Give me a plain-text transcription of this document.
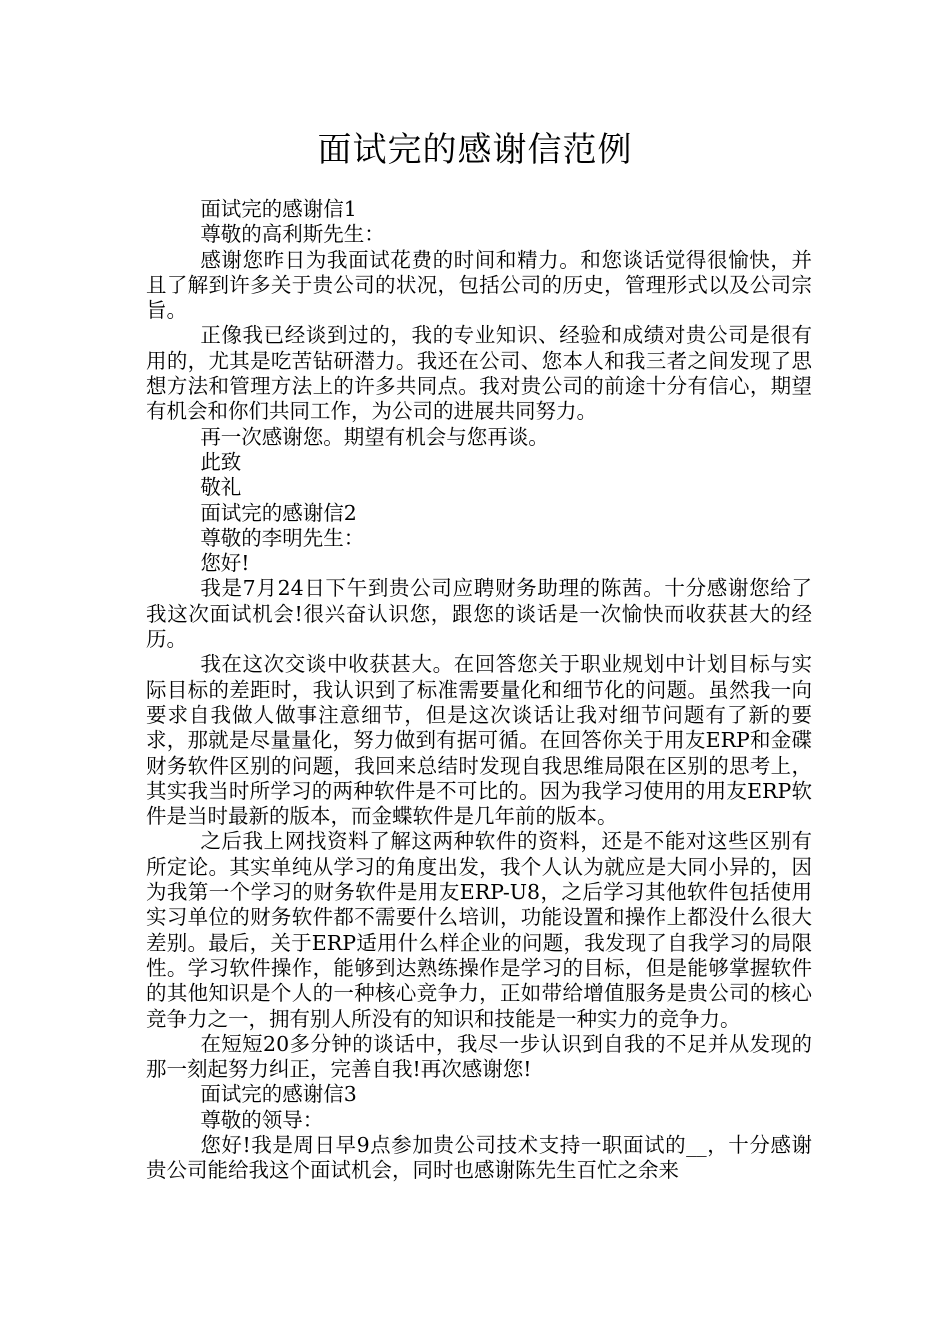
面试完的感谢信范例

面试完的感谢信1

尊敬的高利斯先生：

感谢您昨日为我面试花费的时间和精力。和您谈话觉得很愉快，并且了解到许多关于贵公司的状况，包括公司的历史，管理形式以及公司宗旨。

正像我已经谈到过的，我的专业知识、经验和成绩对贵公司是很有用的，尤其是吃苦钻研潜力。我还在公司、您本人和我三者之间发现了思想方法和管理方法上的许多共同点。我对贵公司的前途十分有信心，期望有机会和你们共同工作，为公司的进展共同努力。

再一次感谢您。期望有机会与您再谈。

此致

敬礼

面试完的感谢信2

尊敬的李明先生：

您好!

我是7月24日下午到贵公司应聘财务助理的陈茜。十分感谢您给了我这次面试机会!很兴奋认识您，跟您的谈话是一次愉快而收获甚大的经历。

我在这次交谈中收获甚大。在回答您关于职业规划中计划目标与实际目标的差距时，我认识到了标准需要量化和细节化的问题。虽然我一向要求自我做人做事注意细节，但是这次谈话让我对细节问题有了新的要求，那就是尽量量化，努力做到有据可循。在回答你关于用友ERP和金碟财务软件区别的问题，我回来总结时发现自我思维局限在区别的思考上，其实我当时所学习的两种软件是不可比的。因为我学习使用的用友ERP软件是当时最新的版本，而金蝶软件是几年前的版本。

之后我上网找资料了解这两种软件的资料，还是不能对这些区别有所定论。其实单纯从学习的角度出发，我个人认为就应是大同小异的，因为我第一个学习的财务软件是用友ERP-U8，之后学习其他软件包括使用实习单位的财务软件都不需要什么培训，功能设置和操作上都没什么很大差别。最后，关于ERP适用什么样企业的问题，我发现了自我学习的局限性。学习软件操作，能够到达熟练操作是学习的目标，但是能够掌握软件的其他知识是个人的一种核心竞争力，正如带给增值服务是贵公司的核心竞争力之一，拥有别人所没有的知识和技能是一种实力的竞争力。

在短短20多分钟的谈话中，我尽一步认识到自我的不足并从发现的那一刻起努力纠正，完善自我!再次感谢您!

面试完的感谢信3

尊敬的领导：

您好!我是周日早9点参加贵公司技术支持一职面试的__，十分感谢贵公司能给我这个面试机会，同时也感谢陈先生百忙之余来
